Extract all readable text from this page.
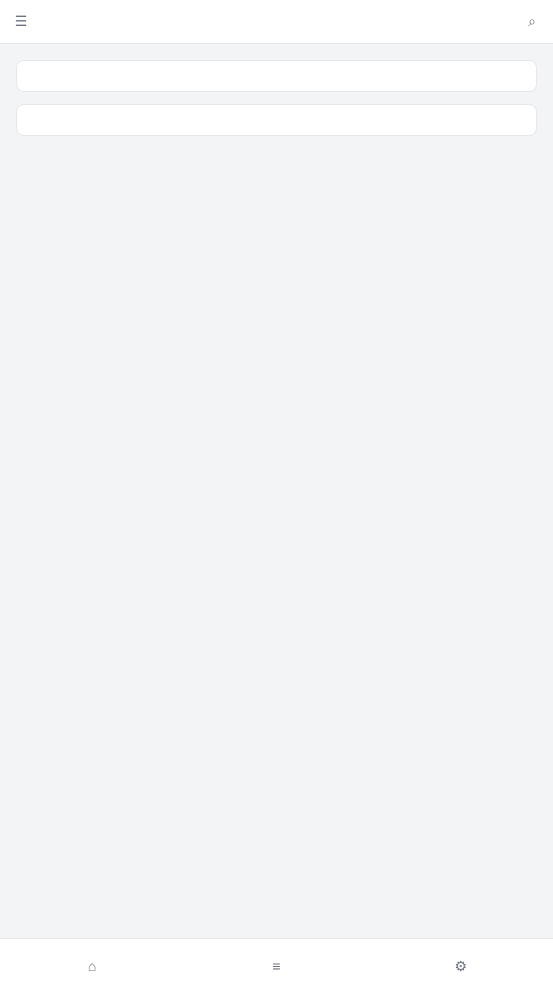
☰	⌕
⌂	≡	⚙
